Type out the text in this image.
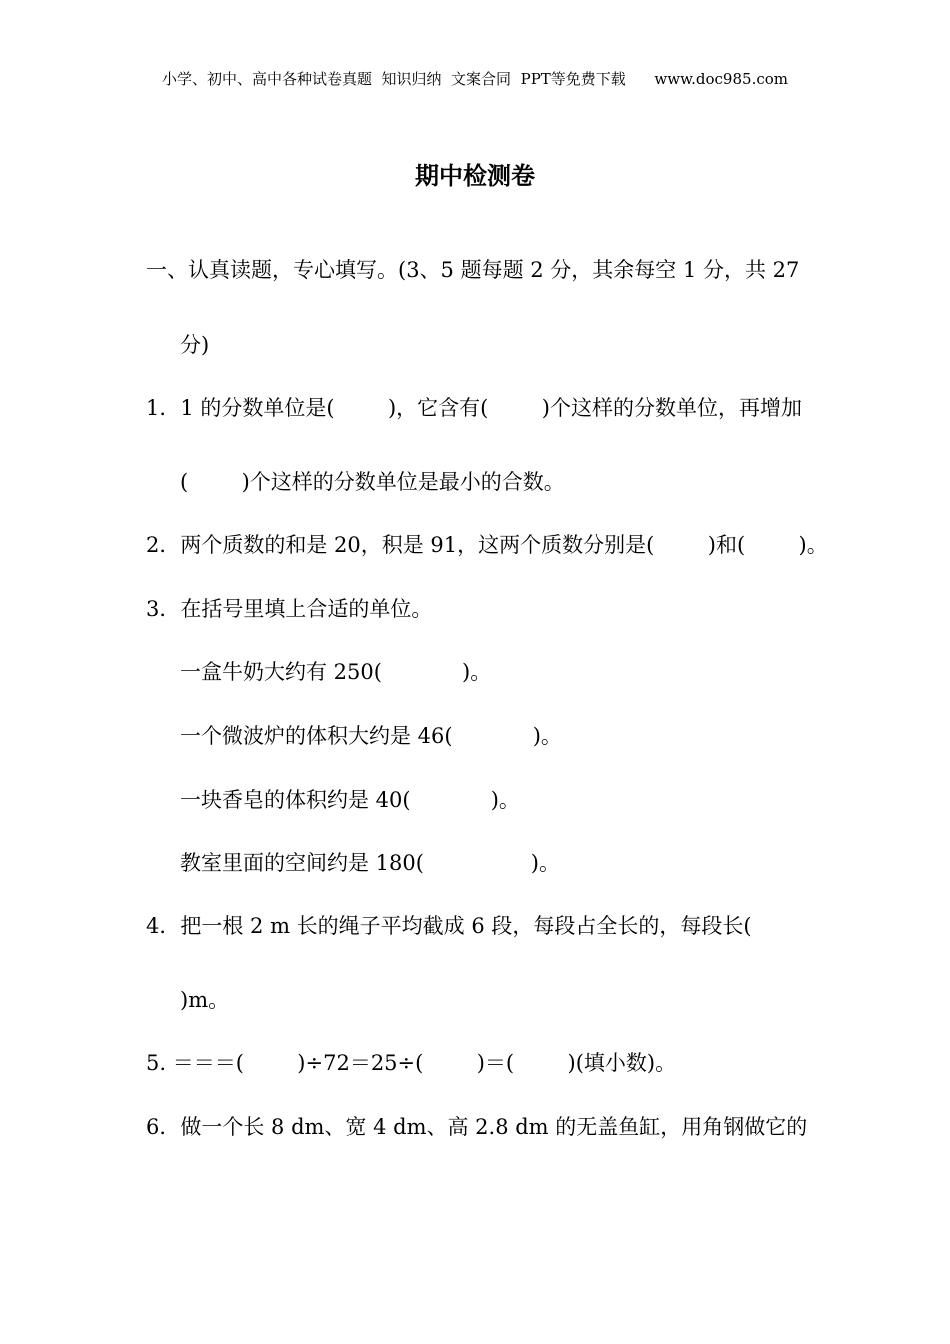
小学、初中、高中各种试卷真题  知识归纳  文案合同  PPT等免费下载      www.doc985.com
期中检测卷
一、认真读题，专心填写。(3、5 题每题 2 分，其余每空 1 分，共 27
分)
1．1 的分数单位是(        )，它含有(        )个这样的分数单位，再增加
(        )个这样的分数单位是最小的合数。
2．两个质数的和是 20，积是 91，这两个质数分别是(        )和(        )。
3．在括号里填上合适的单位。
一盒牛奶大约有 250(            )。
一个微波炉的体积大约是 46(            )。
一块香皂的体积约是 40(            )。
教室里面的空间约是 180(                )。
4．把一根 2 m 长的绳子平均截成 6 段，每段占全长的，每段长(
)m。
5. ＝＝＝(        )÷72＝25÷(        )＝(        )(填小数)。
6．做一个长 8 dm、宽 4 dm、高 2.8 dm 的无盖鱼缸，用角钢做它的
